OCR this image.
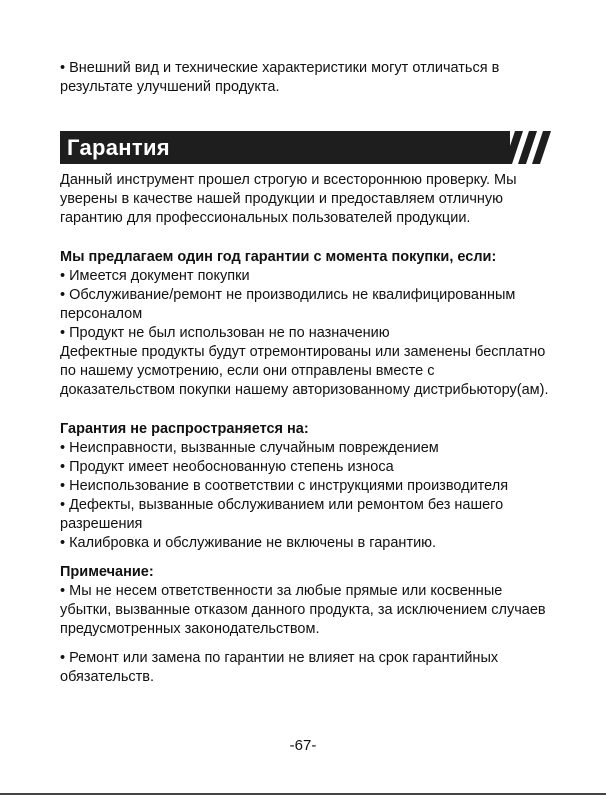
• Внешний вид и технические характеристики могут отличаться в результате улучшений продукта.

Гарантия

Данный инструмент прошел строгую и всестороннюю проверку. Мы уверены в качестве нашей продукции и предоставляем отличную гарантию для профессиональных пользователей продукции.

Мы предлагаем один год гарантии с момента покупки, если:

• Имеется документ покупки

• Обслуживание/ремонт не производились не квалифицированным персоналом

• Продукт не был использован не по назначению

Дефектные продукты будут отремонтированы или заменены бесплатно по нашему усмотрению, если они отправлены вместе с доказательством покупки нашему авторизованному дистрибьютору(ам).

Гарантия не распространяется на:

• Неисправности, вызванные случайным повреждением

• Продукт имеет необоснованную степень износа

• Неиспользование в соответствии с инструкциями производителя

• Дефекты, вызванные обслуживанием или ремонтом без нашего разрешения

• Калибровка и обслуживание не включены в гарантию.

Примечание:

• Мы не несем ответственности за любые прямые или косвенные убытки, вызванные отказом данного продукта, за исключением случаев предусмотренных законодательством.

• Ремонт или замена по гарантии не влияет на срок гарантийных обязательств.

-67-
